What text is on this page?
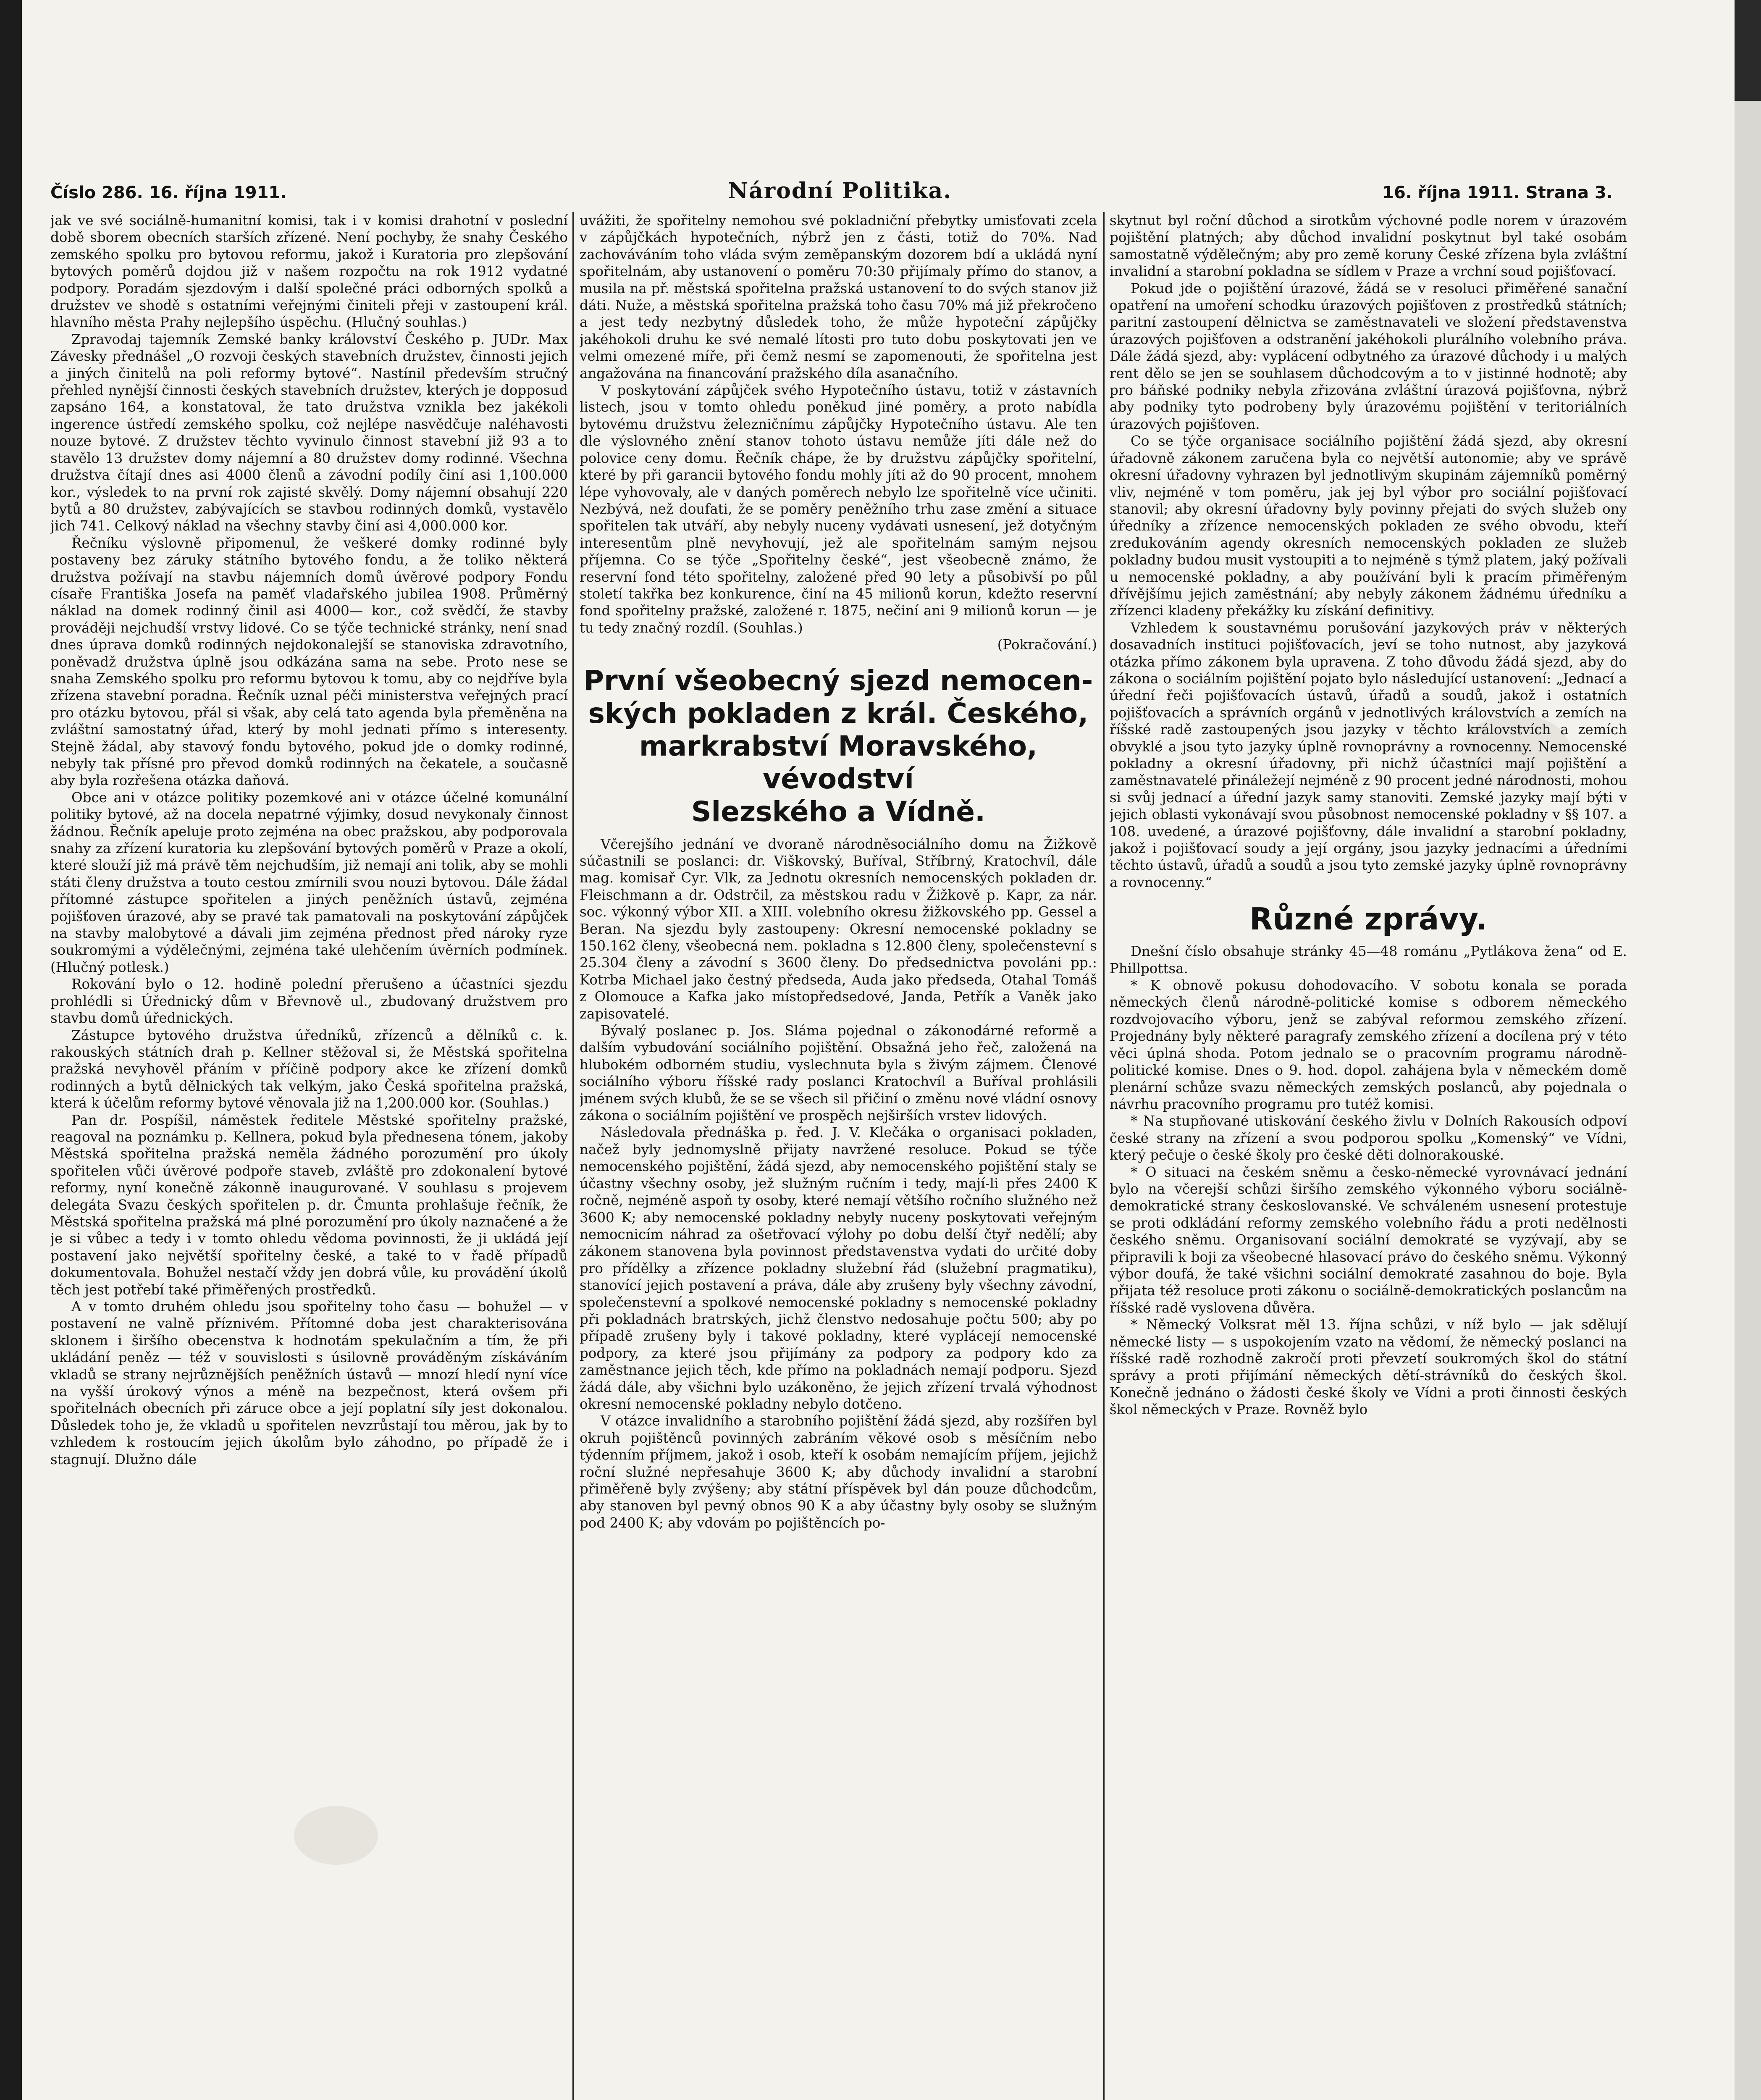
Číslo 286. 16. října 1911.	Národní Politika.	16. října 1911. Strana 3.

jak ve své sociálně-humanitní komisi, tak i v komisi drahotní v poslední době sborem obecních starších zřízené. Není pochyby, že snahy Českého zemského spolku pro bytovou reformu, jakož i Kuratoria pro zlepšování bytových poměrů dojdou již v našem rozpočtu na rok 1912 vydatné podpory. Poradám sjezdovým i další společné práci odborných spolků a družstev ve shodě s ostatními veřejnými činiteli přeji v zastoupení král. hlavního města Prahy nejlepšího úspěchu. (Hlučný souhlas.)

Zpravodaj tajemník Zemské banky království Českého p. JUDr. Max Závesky přednášel „O rozvoji českých stavebních družstev, činnosti jejich a jiných činitelů na poli reformy bytové“. Nastínil především stručný přehled nynější činnosti českých stavebních družstev, kterých je dopposud zapsáno 164, a konstatoval, že tato družstva vznikla bez jakékoli ingerence ústředí zemského spolku, což nejlépe nasvědčuje naléhavosti nouze bytové. Z družstev těchto vyvinulo činnost stavební již 93 a to stavělo 13 družstev domy nájemní a 80 družstev domy rodinné. Všechna družstva čítají dnes asi 4000 členů a závodní podíly činí asi 1,100.000 kor., výsledek to na první rok zajisté skvělý. Domy nájemní obsahují 220 bytů a 80 družstev, zabývajících se stavbou rodinných domků, vystavělo jich 741. Celkový náklad na všechny stavby činí asi 4,000.000 kor.

Řečníku výslovně připomenul, že veškeré domky rodinné byly postaveny bez záruky státního bytového fondu, a že toliko některá družstva požívají na stavbu nájemních domů úvěrové podpory Fondu císaře Františka Josefa na paměť vladařského jubilea 1908. Průměrný náklad na domek rodinný činil asi 4000— kor., což svědčí, že stavby prováději nejchudší vrstvy lidové. Co se týče technické stránky, není snad dnes úprava domků rodinných nejdokonalejší se stanoviska zdravotního, poněvadž družstva úplně jsou odkázána sama na sebe. Proto nese se snaha Zemského spolku pro reformu bytovou k tomu, aby co nejdříve byla zřízena stavební poradna. Řečník uznal péči ministerstva veřejných prací pro otázku bytovou, přál si však, aby celá tato agenda byla přeměněna na zvláštní samostatný úřad, který by mohl jednati přímo s interesenty. Stejně žádal, aby stavový fondu bytového, pokud jde o domky rodinné, nebyly tak přísné pro převod domků rodinných na čekatele, a současně aby byla rozřešena otázka daňová.

Obce ani v otázce politiky pozemkové ani v otázce účelné komunální politiky bytové, až na docela nepatrné výjimky, dosud nevykonaly činnost žádnou. Řečník apeluje proto zejména na obec pražskou, aby podporovala snahy za zřízení kuratoria ku zlepšování bytových poměrů v Praze a okolí, které slouží již má právě těm nejchudším, již nemají ani tolik, aby se mohli státi členy družstva a touto cestou zmírnili svou nouzi bytovou. Dále žádal přítomné zástupce spořitelen a jiných peněžních ústavů, zejména pojišťoven úrazové, aby se pravé tak pamatovali na poskytování zápůjček na stavby malobytové a dávali jim zejména přednost před nároky ryze soukromými a výdělečnými, zejména také ulehčením úvěrních podmínek. (Hlučný potlesk.)

Rokování bylo o 12. hodině polední přerušeno a účastníci sjezdu prohlédli si Úřednický dům v Břevnově ul., zbudovaný družstvem pro stavbu domů úřednických.

Zástupce bytového družstva úředníků, zřízenců a dělníků c. k. rakouských státních drah p. Kellner stěžoval si, že Městská spořitelna pražská nevyhověl přáním v příčině podpory akce ke zřízení domků rodinných a bytů dělnických tak velkým, jako Česká spořitelna pražská, která k účelům reformy bytové věnovala již na 1,200.000 kor. (Souhlas.)

Pan dr. Pospíšil, náměstek ředitele Městské spořitelny pražské, reagoval na poznámku p. Kellnera, pokud byla přednesena tónem, jakoby Městská spořitelna pražská neměla žádného porozumění pro úkoly spořitelen vůči úvěrové podpoře staveb, zvláště pro zdokonalení bytové reformy, nyní konečně zákonně inaugurované. V souhlasu s projevem delegáta Svazu českých spořitelen p. dr. Čmunta prohlašuje řečník, že Městská spořitelna pražská má plné porozumění pro úkoly naznačené a že je si vůbec a tedy i v tomto ohledu vědoma povinnosti, že ji ukládá její postavení jako největší spořitelny české, a také to v řadě případů dokumentovala. Bohužel nestačí vždy jen dobrá vůle, ku provádění úkolů těch jest potřebí také přiměřených prostředků.

A v tomto druhém ohledu jsou spořitelny toho času — bohužel — v postavení ne valně příznivém. Přítomné doba jest charakterisována sklonem i širšího obecenstva k hodnotám spekulačním a tím, že při ukládání peněz — též v souvislosti s úsilovně prováděným získáváním vkladů se strany nejrůznějších peněžních ústavů — mnozí hledí nyní více na vyšší úrokový výnos a méně na bezpečnost, která ovšem při spořitelnách obecních při záruce obce a její poplatní síly jest dokonalou. Důsledek toho je, že vkladů u spořitelen nevzrůstají tou měrou, jak by to vzhledem k rostoucím jejich úkolům bylo záhodno, po případě že i stagnují. Dlužno dále

uvážiti, že spořitelny nemohou své pokladniční přebytky umisťovati zcela v zápůjčkách hypotečních, nýbrž jen z části, totiž do 70%. Nad zachováváním toho vláda svým zeměpanským dozorem bdí a ukládá nyní spořitelnám, aby ustanovení o poměru 70:30 přijímaly přímo do stanov, a musila na př. městská spořitelna pražská ustanovení to do svých stanov již dáti. Nuže, a městská spořitelna pražská toho času 70% má již překročeno a jest tedy nezbytný důsledek toho, že může hypoteční zápůjčky jakéhokoli druhu ke své nemalé lítosti pro tuto dobu poskytovati jen ve velmi omezené míře, při čemž nesmí se zapomenouti, že spořitelna jest angažována na financování pražského díla asanačního.

V poskytování zápůjček svého Hypotečního ústavu, totiž v zástavních listech, jsou v tomto ohledu poněkud jiné poměry, a proto nabídla bytovému družstvu železničnímu zápůjčky Hypotečního ústavu. Ale ten dle výslovného znění stanov tohoto ústavu nemůže jíti dále než do polovice ceny domu. Řečník chápe, že by družstvu zápůjčky spořitelní, které by při garancii bytového fondu mohly jíti až do 90 procent, mnohem lépe vyhovovaly, ale v daných poměrech nebylo lze spořitelně více učiniti. Nezbývá, než doufati, že se poměry peněžního trhu zase změní a situace spořitelen tak utváří, aby nebyly nuceny vydávati usnesení, jež dotyčným interesentům plně nevyhovují, jež ale spořitelnám samým nejsou příjemna. Co se týče „Spořitelny české“, jest všeobecně známo, že reservní fond této spořitelny, založené před 90 lety a působivší po půl století takřka bez konkurence, činí na 45 milionů korun, kdežto reservní fond spořitelny pražské, založené r. 1875, nečiní ani 9 milionů korun — je tu tedy značný rozdíl. (Souhlas.)

(Pokračování.)

První všeobecný sjezd nemocen-
ských pokladen z král. Českého,
markrabství Moravského, vévodství
Slezského a Vídně.

Včerejšího jednání ve dvoraně národněsociálního domu na Žižkově súčastnili se poslanci: dr. Viškovský, Buříval, Stříbrný, Kratochvíl, dále mag. komisař Cyr. Vlk, za Jednotu okresních nemocenských pokladen dr. Fleischmann a dr. Odstrčil, za městskou radu v Žižkově p. Kapr, za nár. soc. výkonný výbor XII. a XIII. volebního okresu žižkovského pp. Gessel a Beran. Na sjezdu byly zastoupeny: Okresní nemocenské pokladny se 150.162 členy, všeobecná nem. pokladna s 12.800 členy, společenstevní s 25.304 členy a závodní s 3600 členy. Do předsednictva povoláni pp.: Kotrba Michael jako čestný předseda, Auda jako předseda, Otahal Tomáš z Olomouce a Kafka jako místopředsedové, Janda, Petřík a Vaněk jako zapisovatelé.

Bývalý poslanec p. Jos. Sláma pojednal o zákonodárné reformě a dalším vybudování sociálního pojištění. Obsažná jeho řeč, založená na hlubokém odborném studiu, vyslechnuta byla s živým zájmem. Členové sociálního výboru říšské rady poslanci Kratochvíl a Buříval prohlásili jménem svých klubů, že se se všech sil přičiní o změnu nové vládní osnovy zákona o sociálním pojištění ve prospěch nejširších vrstev lidových.

Následovala přednáška p. řed. J. V. Klečáka o organisaci pokladen, načež byly jednomyslně přijaty navržené resoluce. Pokud se týče nemocenského pojištění, žádá sjezd, aby nemocenského pojištění staly se účastny všechny osoby, jež služným ručním i tedy, mají-li přes 2400 K ročně, nejméně aspoň ty osoby, které nemají většího ročního služného než 3600 K; aby nemocenské pokladny nebyly nuceny poskytovati veřejným nemocnicím náhrad za ošetřovací výlohy po dobu delší čtyř nedělí; aby zákonem stanovena byla povinnost představenstva vydati do určité doby pro přídělky a zřízence pokladny služební řád (služební pragmatiku), stanovící jejich postavení a práva, dále aby zrušeny byly všechny závodní, společenstevní a spolkové nemocenské pokladny s nemocenské pokladny při pokladnách bratrských, jichž členstvo nedosahuje počtu 500; aby po případě zrušeny byly i takové pokladny, které vyplácejí nemocenské podpory, za které jsou přijímány za podpory za podpory kdo za zaměstnance jejich těch, kde přímo na pokladnách nemají podporu. Sjezd žádá dále, aby všichni bylo uzákoněno, že jejich zřízení trvalá výhodnost okresní nemocenské pokladny nebylo dotčeno.

V otázce invalidního a starobního pojištění žádá sjezd, aby rozšířen byl okruh pojištěnců povinných zabráním věkové osob s měsíčním nebo týdenním příjmem, jakož i osob, kteří k osobám nemajícím příjem, jejichž roční služné nepřesahuje 3600 K; aby důchody invalidní a starobní přiměřeně byly zvýšeny; aby státní příspěvek byl dán pouze důchodcům, aby stanoven byl pevný obnos 90 K a aby účastny byly osoby se služným pod 2400 K; aby vdovám po pojištěncích po-

skytnut byl roční důchod a sirotkům výchovné podle norem v úrazovém pojištění platných; aby důchod invalidní poskytnut byl také osobám samostatně výdělečným; aby pro země koruny České zřízena byla zvláštní invalidní a starobní pokladna se sídlem v Praze a vrchní soud pojišťovací.

Pokud jde o pojištění úrazové, žádá se v resoluci přiměřené sanační opatření na umoření schodku úrazových pojišťoven z prostředků státních; paritní zastoupení dělnictva se zaměstnavateli ve složení představenstva úrazových pojišťoven a odstranění jakéhokoli plurálního volebního práva. Dále žádá sjezd, aby: vyplácení odbytného za úrazové důchody i u malých rent dělo se jen se souhlasem důchodcovým a to v jistinné hodnotě; aby pro báňské podniky nebyla zřizována zvláštní úrazová pojišťovna, nýbrž aby podniky tyto podrobeny byly úrazovému pojištění v teritoriálních úrazových pojišťoven.

Co se týče organisace sociálního pojištění žádá sjezd, aby okresní úřadovně zákonem zaručena byla co největší autonomie; aby ve správě okresní úřadovny vyhrazen byl jednotlivým skupinám zájemníků poměrný vliv, nejméně v tom poměru, jak jej byl výbor pro sociální pojišťovací stanovil; aby okresní úřadovny byly povinny přejati do svých služeb ony úředníky a zřízence nemocenských pokladen ze svého obvodu, kteří zredukováním agendy okresních nemocenských pokladen ze služeb pokladny budou musit vystoupiti a to nejméně s týmž platem, jaký požívali u nemocenské pokladny, a aby používání byli k pracím přiměřeným dřívějšímu jejich zaměstnání; aby nebyly zákonem žádnému úředníku a zřízenci kladeny překážky ku získání definitivy.

Vzhledem k soustavnému porušování jazykových práv v některých dosavadních instituci pojišťovacích, jeví se toho nutnost, aby jazyková otázka přímo zákonem byla upravena. Z toho důvodu žádá sjezd, aby do zákona o sociálním pojištění pojato bylo následující ustanovení: „Jednací a úřední řeči pojišťovacích ústavů, úřadů a soudů, jakož i ostatních pojišťovacích a správních orgánů v jednotlivých královstvích a zemích na říšské radě zastoupených jsou jazyky v těchto královstvích a zemích obvyklé a jsou tyto jazyky úplně rovnoprávny a rovnocenny. Nemocenské pokladny a okresní úřadovny, při nichž účastníci mají pojištění a zaměstnavatelé přináležejí nejméně z 90 procent jedné národnosti, mohou si svůj jednací a úřední jazyk samy stanoviti. Zemské jazyky mají býti v jejich oblasti vykonávají svou působnost nemocenské pokladny v §§ 107. a 108. uvedené, a úrazové pojišťovny, dále invalidní a starobní pokladny, jakož i pojišťovací soudy a její orgány, jsou jazyky jednacími a úředními těchto ústavů, úřadů a soudů a jsou tyto zemské jazyky úplně rovnoprávny a rovnocenny.“

Různé zprávy.

Dnešní číslo obsahuje stránky 45—48 románu „Pytlákova žena“ od E. Phillpottsa.

* K obnově pokusu dohodovacího. V sobotu konala se porada německých členů národně-politické komise s odborem německého rozdvojovacího výboru, jenž se zabýval reformou zemského zřízení. Projednány byly některé paragrafy zemského zřízení a docílena prý v této věci úplná shoda. Potom jednalo se o pracovním programu národně-politické komise. Dnes o 9. hod. dopol. zahájena byla v německém domě plenární schůze svazu německých zemských poslanců, aby pojednala o návrhu pracovního programu pro tutéž komisi.

* Na stupňované utiskování českého živlu v Dolních Rakousích odpoví české strany na zřízení a svou podporou spolku „Komenský“ ve Vídni, který pečuje o české školy pro české děti dolnorakouské.

* O situaci na českém sněmu a česko-německé vyrovnávací jednání bylo na včerejší schůzi širšího zemského výkonného výboru sociálně-demokratické strany českoslovanské. Ve schváleném usnesení protestuje se proti odkládání reformy zemského volebního řádu a proti nedělnosti českého sněmu. Organisovaní sociální demokraté se vyzývají, aby se připravili k boji za všeobecné hlasovací právo do českého sněmu. Výkonný výbor doufá, že také všichni sociální demokraté zasahnou do boje. Byla přijata též resoluce proti zákonu o sociálně-demokratických poslancům na říšské radě vyslovena důvěra.

* Německý Volksrat měl 13. října schůzi, v níž bylo — jak sdělují německé listy — s uspokojením vzato na vědomí, že německý poslanci na říšské radě rozhodně zakročí proti převzetí soukromých škol do státní správy a proti přijímání německých dětí-strávníků do českých škol. Konečně jednáno o žádosti české školy ve Vídni a proti činnosti českých škol německých v Praze. Rovněž bylo
